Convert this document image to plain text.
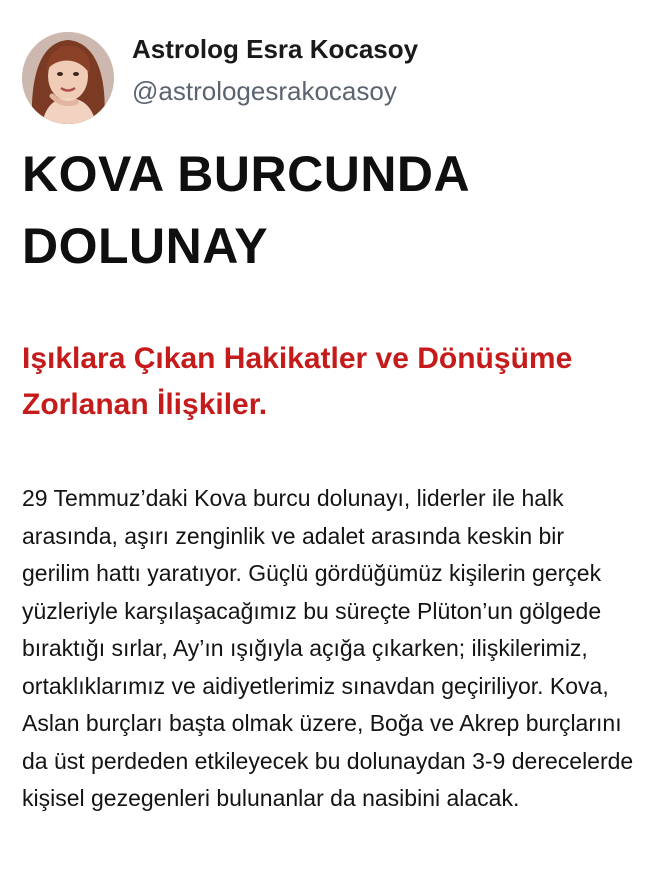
Astrolog Esra Kocasoy
@astrologesrakocasoy
KOVA BURCUNDA DOLUNAY
Işıklara Çıkan Hakikatler ve Dönüşüme Zorlanan İlişkiler.
29 Temmuz’daki Kova burcu dolunayı, liderler ile halk arasında, aşırı zenginlik ve adalet arasında keskin bir gerilim hattı yaratıyor. Güçlü gördüğümüz kişilerin gerçek yüzleriyle karşılaşacağımız bu süreçte Plüton’un gölgede bıraktığı sırlar, Ay’ın ışığıyla açığa çıkarken; ilişkilerimiz, ortaklıklarımız ve aidiyetlerimiz sınavdan geçiriliyor. Kova, Aslan burçları başta olmak üzere, Boğa ve Akrep burçlarını da üst perdeden etkileyecek bu dolunaydan 3-9 derecelerde kişisel gezegenleri bulunanlar da nasibini alacak.
